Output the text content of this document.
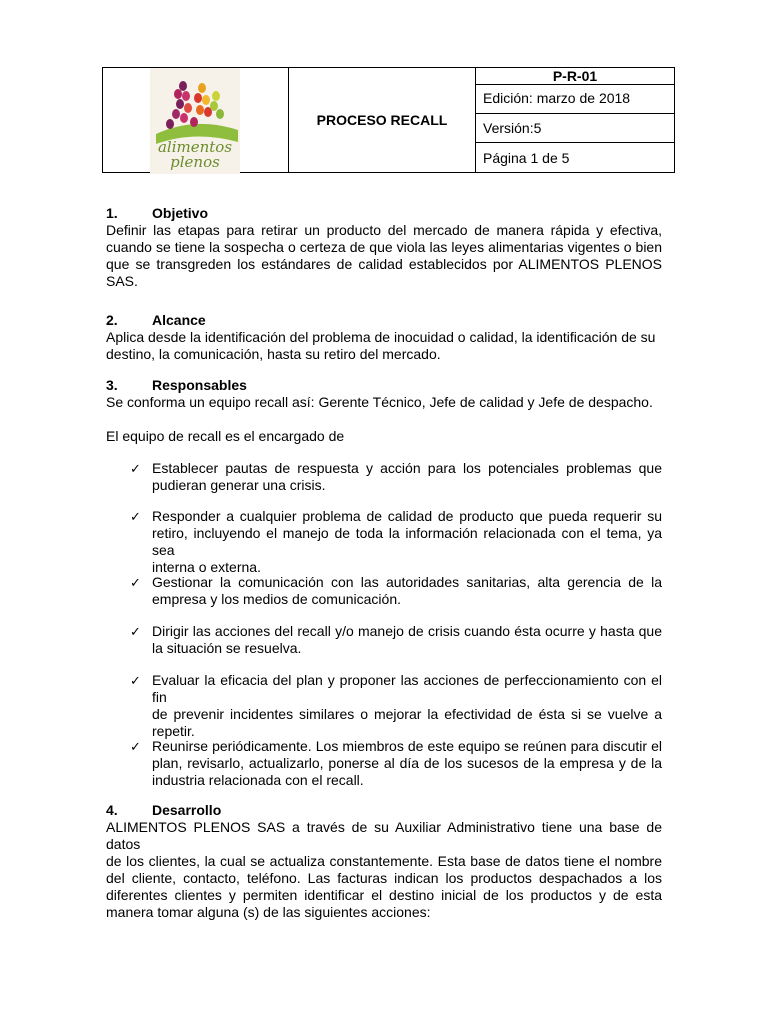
alimentos
plenos
PROCESO RECALL
P-R-01
Edición: marzo de 2018
Versión:5
Página 1 de 5
1. Objetivo
Definir las etapas para retirar un producto del mercado de manera rápida y efectiva,
cuando se tiene la sospecha o certeza de que viola las leyes alimentarias vigentes o bien
que se transgreden los estándares de calidad establecidos por ALIMENTOS PLENOS
SAS.
2. Alcance
Aplica desde la identificación del problema de inocuidad o calidad, la identificación de su
destino, la comunicación, hasta su retiro del mercado.
3. Responsables
Se conforma un equipo recall así: Gerente Técnico, Jefe de calidad y Jefe de despacho.
El equipo de recall es el encargado de
✓ Establecer pautas de respuesta y acción para los potenciales problemas que
pudieran generar una crisis.
✓ Responder a cualquier problema de calidad de producto que pueda requerir su
retiro, incluyendo el manejo de toda la información relacionada con el tema, ya sea
interna o externa.
✓ Gestionar la comunicación con las autoridades sanitarias, alta gerencia de la
empresa y los medios de comunicación.
✓ Dirigir las acciones del recall y/o manejo de crisis cuando ésta ocurre y hasta que
la situación se resuelva.
✓ Evaluar la eficacia del plan y proponer las acciones de perfeccionamiento con el fin
de prevenir incidentes similares o mejorar la efectividad de ésta si se vuelve a
repetir.
✓ Reunirse periódicamente. Los miembros de este equipo se reúnen para discutir el
plan, revisarlo, actualizarlo, ponerse al día de los sucesos de la empresa y de la
industria relacionada con el recall.
4. Desarrollo
ALIMENTOS PLENOS SAS a través de su Auxiliar Administrativo tiene una base de datos
de los clientes, la cual se actualiza constantemente. Esta base de datos tiene el nombre
del cliente, contacto, teléfono. Las facturas indican los productos despachados a los
diferentes clientes y permiten identificar el destino inicial de los productos y de esta
manera tomar alguna (s) de las siguientes acciones:
